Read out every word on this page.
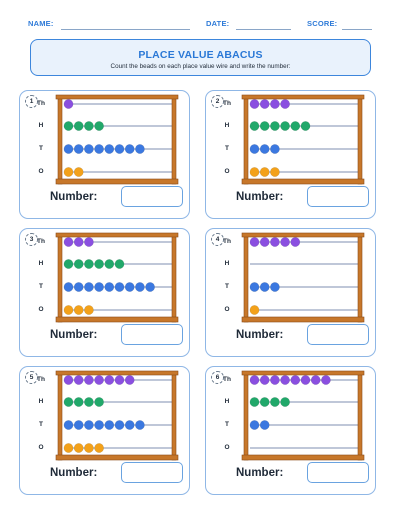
NAME:	DATE:	SCORE:
PLACE VALUE ABACUS
Count the beads on each place value wire and write the number:
1 Th
H
T
O
Number:
2 Th
H
T
O
Number:
3 Th
H
T
O
Number:
4 Th
H
T
O
Number:
5 Th
H
T
O
Number:
6 Th
H
T
O
Number:
